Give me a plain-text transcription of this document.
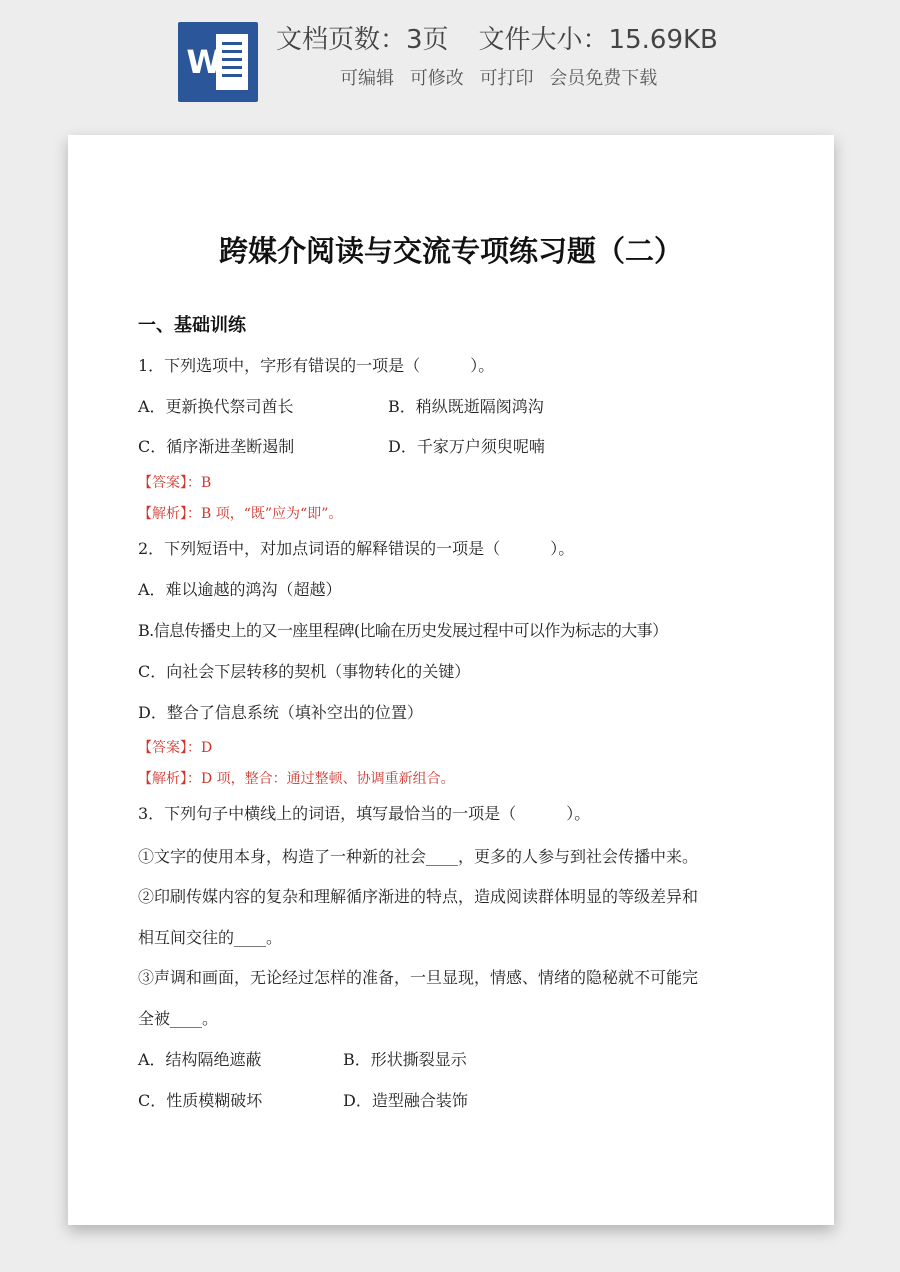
W
文档页数：3页 文件大小：15.69KB
可编辑 可修改 可打印 会员免费下载
跨媒介阅读与交流专项练习题（二）
一、基础训练
1．下列选项中，字形有错误的一项是（	）。
A．更新换代祭司酋长	B．稍纵既逝隔阂鸿沟
C．循序渐进垄断遏制	D．千家万户须臾呢喃
【答案】：B
【解析】：B 项，“既”应为“即”。
2．下列短语中，对加点词语的解释错误的一项是（	）。
A．难以逾越的鸿沟（超越）
B.信息传播史上的又一座里程碑(比喻在历史发展过程中可以作为标志的大事）
C．向社会下层转移的契机（事物转化的关键）
D．整合了信息系统（填补空出的位置）
【答案】：D
【解析】：D 项，整合：通过整顿、协调重新组合。
3．下列句子中横线上的词语，填写最恰当的一项是（	）。
①文字的使用本身，构造了一种新的社会____，更多的人参与到社会传播中来。
②印刷传媒内容的复杂和理解循序渐进的特点，造成阅读群体明显的等级差异和
相互间交往的____。
③声调和画面，无论经过怎样的准备，一旦显现，情感、情绪的隐秘就不可能完
全被____。
A．结构隔绝遮蔽	B．形状撕裂显示
C．性质模糊破坏	D．造型融合装饰
